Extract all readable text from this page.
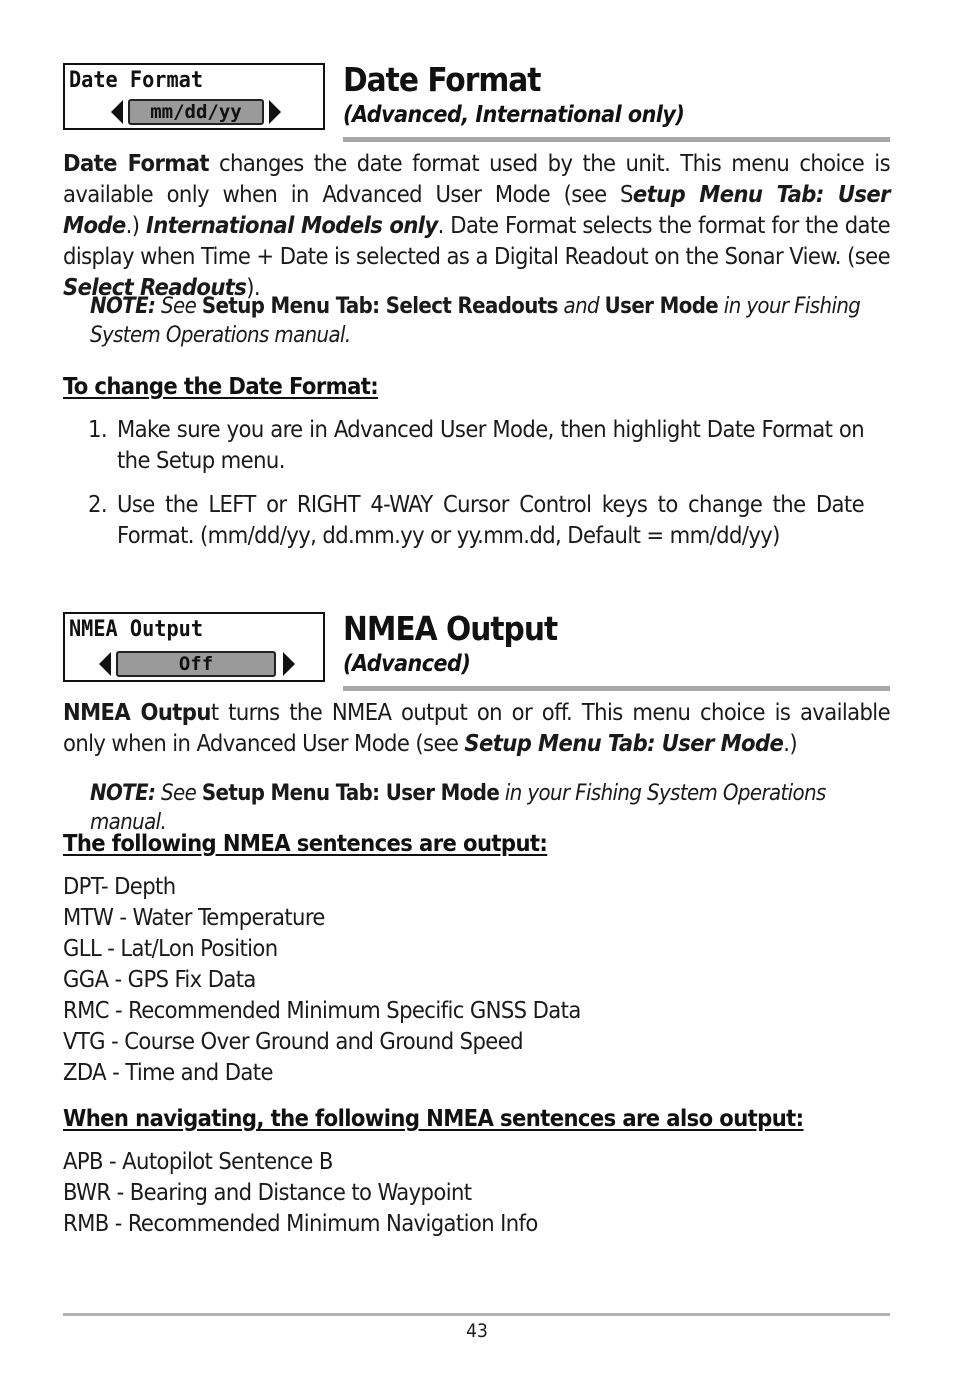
Date Format
mm/dd/yy
Date Format
(Advanced, International only)
Date Format changes the date format used by the unit. This menu choice is available only when in Advanced User Mode (see Setup Menu Tab: User Mode.) International Models only. Date Format selects the format for the date display when Time + Date is selected as a Digital Readout on the Sonar View. (see Select Readouts).
NOTE: See Setup Menu Tab: Select Readouts and User Mode in your Fishing System Operations manual.
To change the Date Format:
1. Make sure you are in Advanced User Mode, then highlight Date Format on the Setup menu.
2. Use the LEFT or RIGHT 4-WAY Cursor Control keys to change the Date Format. (mm/dd/yy, dd.mm.yy or yy.mm.dd, Default = mm/dd/yy)
NMEA Output
Off
NMEA Output
(Advanced)
NMEA Output turns the NMEA output on or off. This menu choice is available only when in Advanced User Mode (see Setup Menu Tab: User Mode.)
NOTE: See Setup Menu Tab: User Mode in your Fishing System Operations manual.
The following NMEA sentences are output:
DPT- Depth
MTW - Water Temperature
GLL - Lat/Lon Position
GGA - GPS Fix Data
RMC - Recommended Minimum Specific GNSS Data
VTG - Course Over Ground and Ground Speed
ZDA - Time and Date
When navigating, the following NMEA sentences are also output:
APB - Autopilot Sentence B
BWR - Bearing and Distance to Waypoint
RMB - Recommended Minimum Navigation Info
43
